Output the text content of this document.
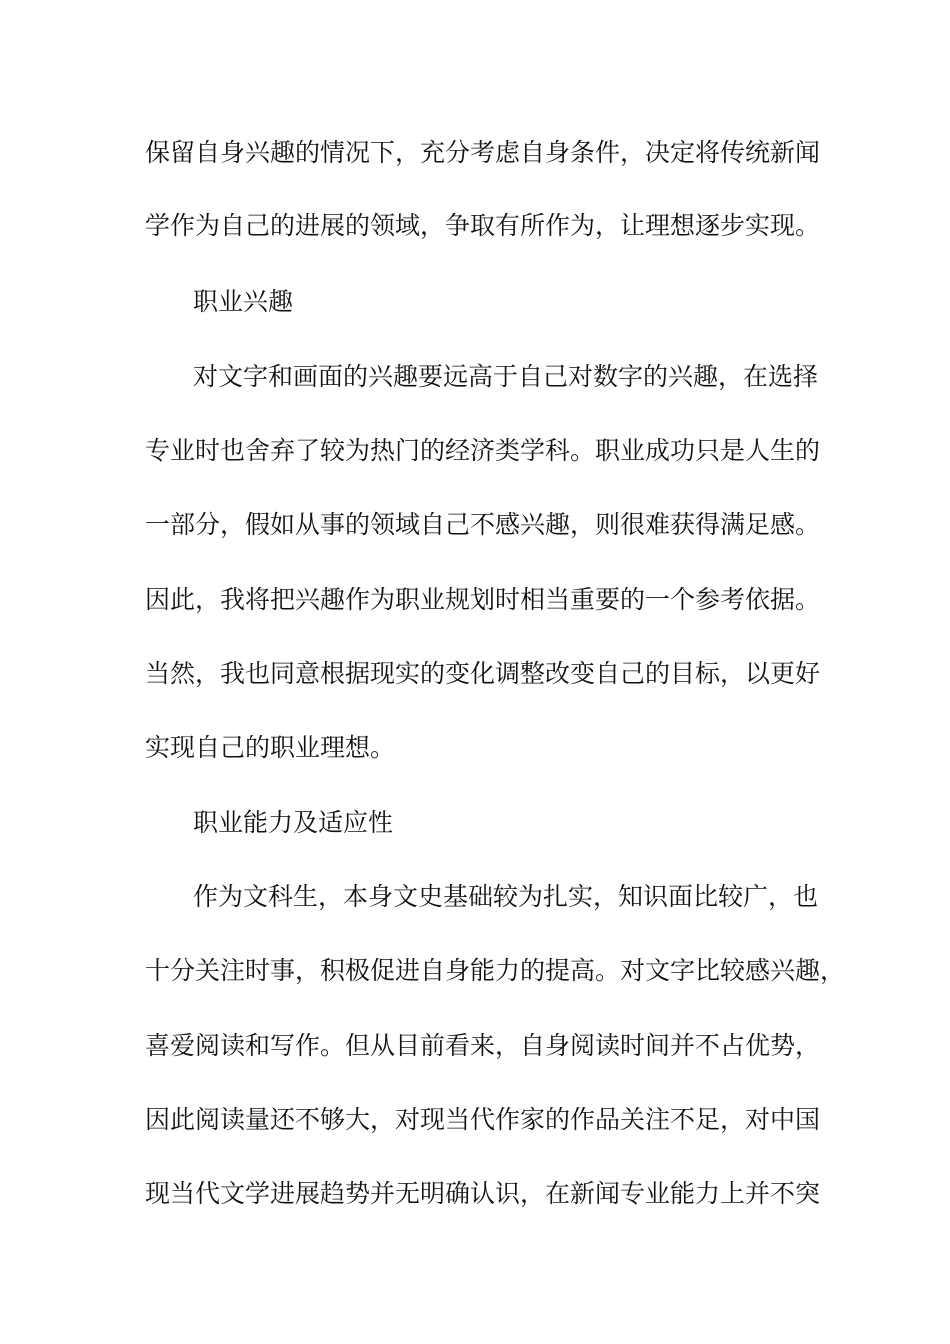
保留自身兴趣的情况下，充分考虑自身条件，决定将传统新闻
学作为自己的进展的领域，争取有所作为，让理想逐步实现。
职业兴趣
对文字和画面的兴趣要远高于自己对数字的兴趣，在选择
专业时也舍弃了较为热门的经济类学科。职业成功只是人生的
一部分，假如从事的领域自己不感兴趣，则很难获得满足感。
因此，我将把兴趣作为职业规划时相当重要的一个参考依据。
当然，我也同意根据现实的变化调整改变自己的目标，以更好
实现自己的职业理想。
职业能力及适应性
作为文科生，本身文史基础较为扎实，知识面比较广，也
十分关注时事，积极促进自身能力的提高。对文字比较感兴趣，
喜爱阅读和写作。但从目前看来，自身阅读时间并不占优势，
因此阅读量还不够大，对现当代作家的作品关注不足，对中国
现当代文学进展趋势并无明确认识，在新闻专业能力上并不突
